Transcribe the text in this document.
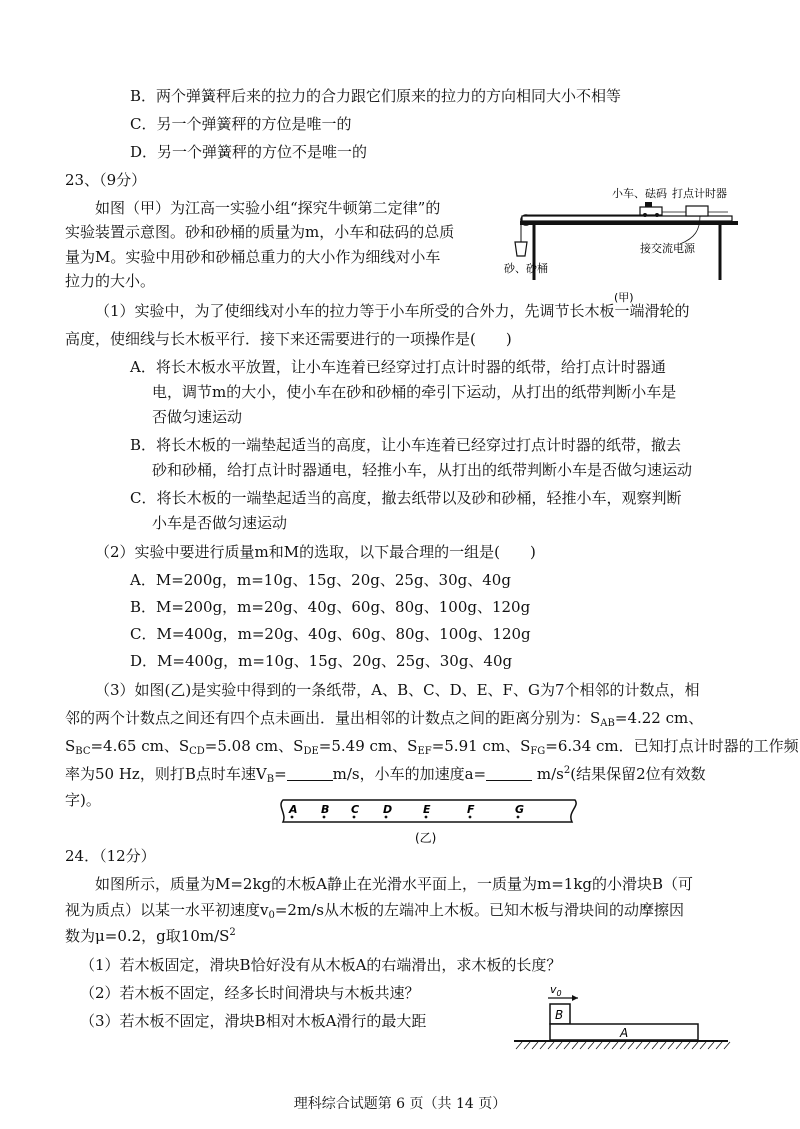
B．两个弹簧秤后来的拉力的合力跟它们原来的拉力的方向相同大小不相等
C．另一个弹簧秤的方位是唯一的
D．另一个弹簧秤的方位不是唯一的
23、（9分）
如图（甲）为江高一实验小组“探究牛顿第二定律”的
实验装置示意图。砂和砂桶的质量为m，小车和砝码的总质
量为M。实验中用砂和砂桶总重力的大小作为细线对小车
拉力的大小。
小车、砝码 打点计时器
接交流电源
砂、砂桶
(甲)
（1）实验中，为了使细线对小车的拉力等于小车所受的合外力，先调节长木板一端滑轮的
高度，使细线与长木板平行．接下来还需要进行的一项操作是(　　)
A．将长木板水平放置，让小车连着已经穿过打点计时器的纸带，给打点计时器通
电，调节m的大小，使小车在砂和砂桶的牵引下运动，从打出的纸带判断小车是
否做匀速运动
B．将长木板的一端垫起适当的高度，让小车连着已经穿过打点计时器的纸带，撤去
砂和砂桶，给打点计时器通电，轻推小车，从打出的纸带判断小车是否做匀速运动
C．将长木板的一端垫起适当的高度，撤去纸带以及砂和砂桶，轻推小车，观察判断
小车是否做匀速运动
（2）实验中要进行质量m和M的选取，以下最合理的一组是(　　)
A．M=200g，m=10g、15g、20g、25g、30g、40g
B．M=200g，m=20g、40g、60g、80g、100g、120g
C．M=400g，m=20g、40g、60g、80g、100g、120g
D．M=400g，m=10g、15g、20g、25g、30g、40g
（3）如图(乙)是实验中得到的一条纸带，A、B、C、D、E、F、G为7个相邻的计数点，相
邻的两个计数点之间还有四个点未画出．量出相邻的计数点之间的距离分别为：$S_{AB}=4.22$ cm、
$S_{BC}=4.65$ cm、$S_{CD}=5.08$ cm、$S_{DE}=5.49$ cm、$S_{EF}=5.91$ cm、$S_{FG}=6.34$ cm．已知打点计时器的工作频
率为50 Hz，则打B点时车速$V_B=$	m/s，小车的加速度a=	$m/s^2$(结果保留2位有效数
字)。
A B C D	E	F	G
(乙)
24．（12分）
如图所示，质量为M=2kg的木板A静止在光滑水平面上，一质量为m=1kg的小滑块B（可
视为质点）以某一水平初速度$v_0=2m/s$从木板的左端冲上木板。已知木板与滑块间的动摩擦因
数为μ=0.2，g取$10m/S^2$
（1）若木板固定，滑块B恰好没有从木板A的右端滑出，求木板的长度？
（2）若木板不固定，经多长时间滑块与木板共速？
（3）若木板不固定，滑块B相对木板A滑行的最大距
$v_0$
B
A
理科综合试题第 6 页（共 14 页）
